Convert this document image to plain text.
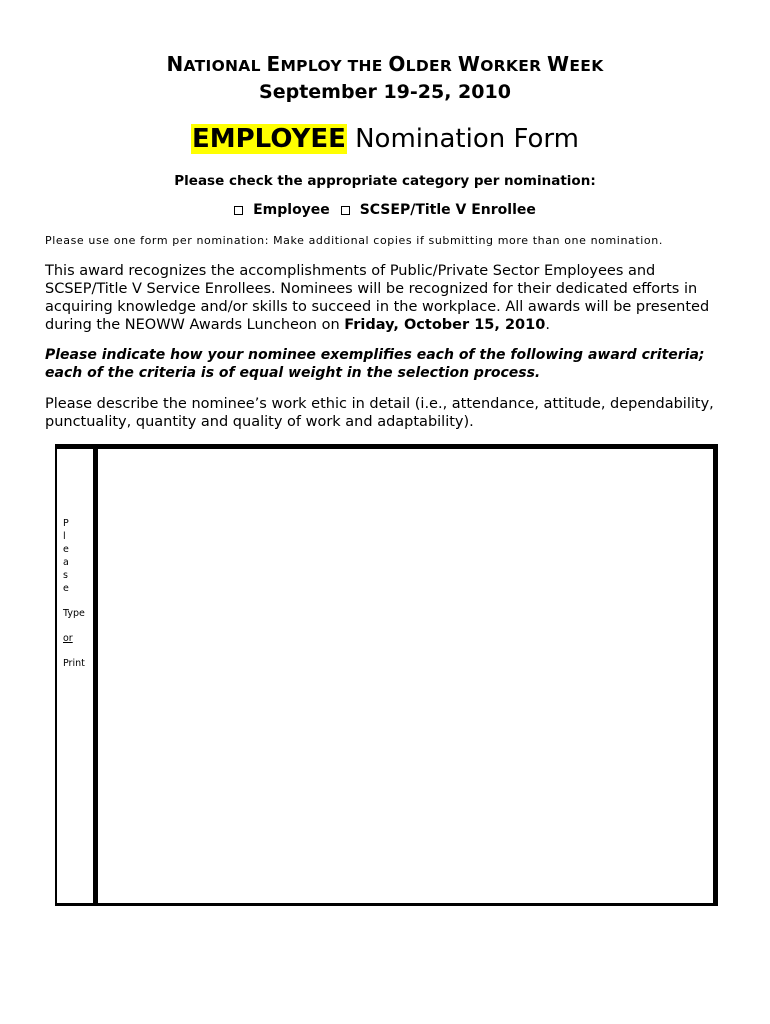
NATIONAL EMPLOY THE OLDER WORKER WEEK
September 19-25, 2010
EMPLOYEE Nomination Form
Please check the appropriate category per nomination:
Employee
SCSEP/Title V Enrollee
Please use one form per nomination: Make additional copies if submitting more than one nomination.
This award recognizes the accomplishments of Public/Private Sector Employees and SCSEP/Title V Service Enrollees. Nominees will be recognized for their dedicated efforts in acquiring knowledge and/or skills to succeed in the workplace. All awards will be presented during the NEOWW Awards Luncheon on Friday, October 15, 2010.
Please indicate how your nominee exemplifies each of the following award criteria; each of the criteria is of equal weight in the selection process.
Please describe the nominee’s work ethic in detail (i.e., attendance, attitude, dependability, punctuality, quantity and quality of work and adaptability).
P
l
e
a
s
e
Type
or
Print
